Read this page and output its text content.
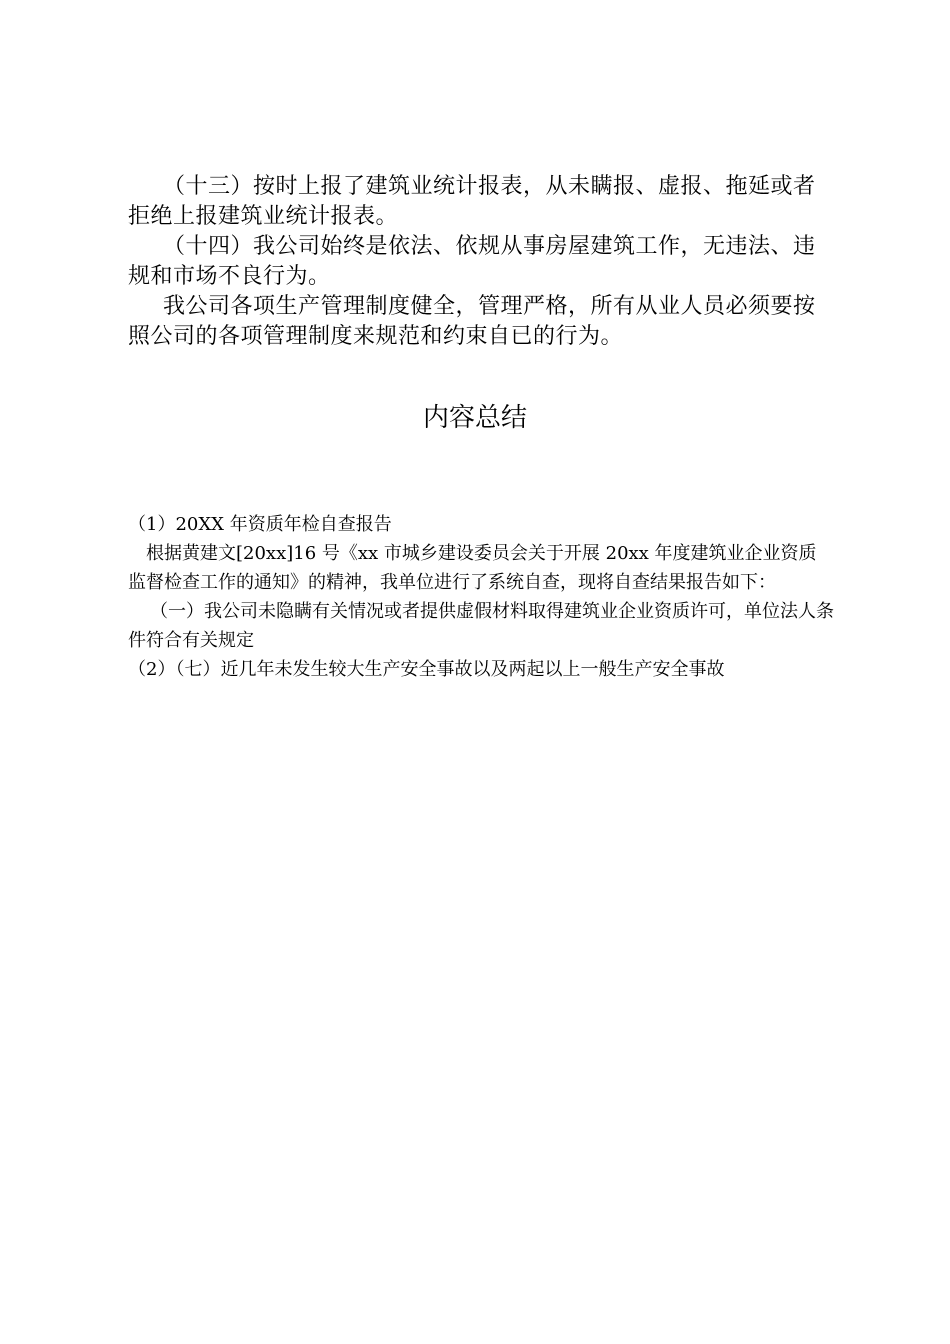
（十三）按时上报了建筑业统计报表，从未瞒报、虚报、拖延或者拒绝上报建筑业统计报表。

（十四）我公司始终是依法、依规从事房屋建筑工作，无违法、违规和市场不良行为。

我公司各项生产管理制度健全，管理严格，所有从业人员必须要按照公司的各项管理制度来规范和约束自已的行为。

内容总结

（1）20XX 年资质年检自查报告

根据黄建文[20xx]16 号《xx 市城乡建设委员会关于开展 20xx 年度建筑业企业资质监督检查工作的通知》的精神，我单位进行了系统自查，现将自查结果报告如下：

（一）我公司未隐瞒有关情况或者提供虚假材料取得建筑业企业资质许可，单位法人条件符合有关规定

（2）（七）近几年未发生较大生产安全事故以及两起以上一般生产安全事故
